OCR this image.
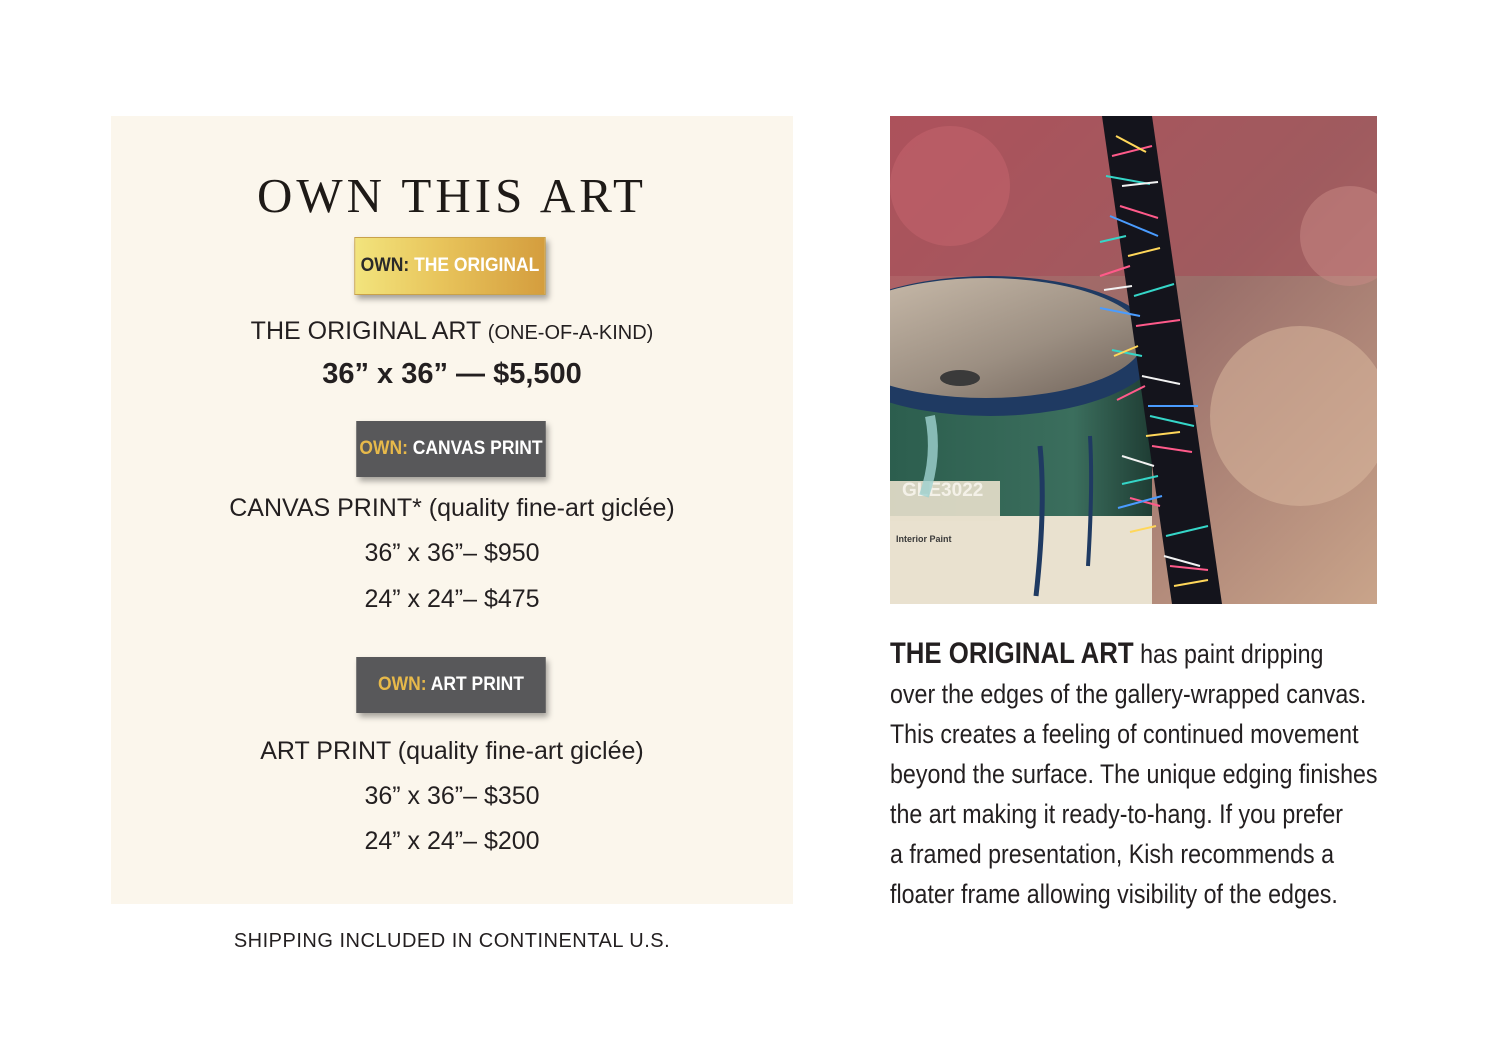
OWN THIS ART
OWN: THE ORIGINAL
THE ORIGINAL ART (ONE-OF-A-KIND)
36” x 36” — $5,500
OWN: CANVAS PRINT
CANVAS PRINT* (quality fine-art giclée)
36” x 36”– $950
24” x 24”– $475
OWN: ART PRINT
ART PRINT (quality fine-art giclée)
36” x 36”– $350
24” x 24”– $200
SHIPPING INCLUDED IN CONTINENTAL U.S.
GLE3022
Interior Paint
THE ORIGINAL ART has paint dripping
over the edges of the gallery-wrapped canvas.
This creates a feeling of continued movement
beyond the surface. The unique edging finishes
the art making it ready-to-hang. If you prefer
a framed presentation, Kish recommends a
floater frame allowing visibility of the edges.
